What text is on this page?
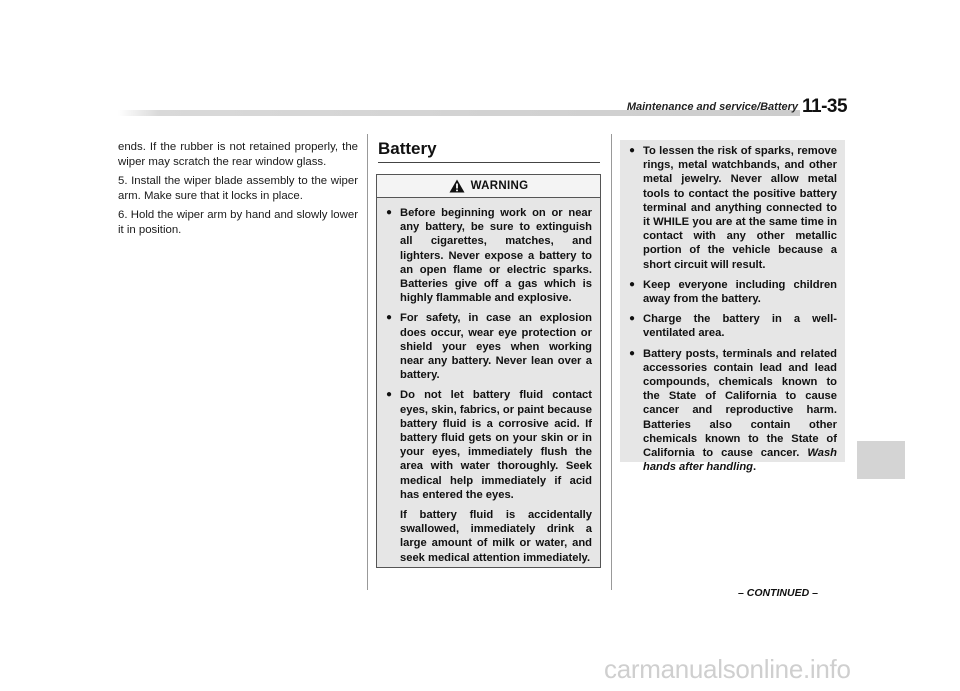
Maintenance and service/Battery 11-35

ends. If the rubber is not retained properly, the wiper may scratch the rear window glass.

5. Install the wiper blade assembly to the wiper arm. Make sure that it locks in place.

6. Hold the wiper arm by hand and slowly lower it in position.

Battery
WARNING
● Before beginning work on or near any battery, be sure to extinguish all cigarettes, matches, and lighters. Never expose a battery to an open flame or electric sparks. Batteries give off a gas which is highly flammable and explosive.
● For safety, in case an explosion does occur, wear eye protection or shield your eyes when working near any battery. Never lean over a battery.
● Do not let battery fluid contact eyes, skin, fabrics, or paint because battery fluid is a corrosive acid. If battery fluid gets on your skin or in your eyes, immediately flush the area with water thoroughly. Seek medical help immediately if acid has entered the eyes.
If battery fluid is accidentally swallowed, immediately drink a large amount of milk or water, and seek medical attention immediately.
● To lessen the risk of sparks, remove rings, metal watchbands, and other metal jewelry. Never allow metal tools to contact the positive battery terminal and anything connected to it WHILE you are at the same time in contact with any other metallic portion of the vehicle because a short circuit will result.
● Keep everyone including children away from the battery.
● Charge the battery in a well-ventilated area.
● Battery posts, terminals and related accessories contain lead and lead compounds, chemicals known to the State of California to cause cancer and reproductive harm. Batteries also contain other chemicals known to the State of California to cause cancer. Wash hands after handling.
– CONTINUED –
carmanualsonline.info
